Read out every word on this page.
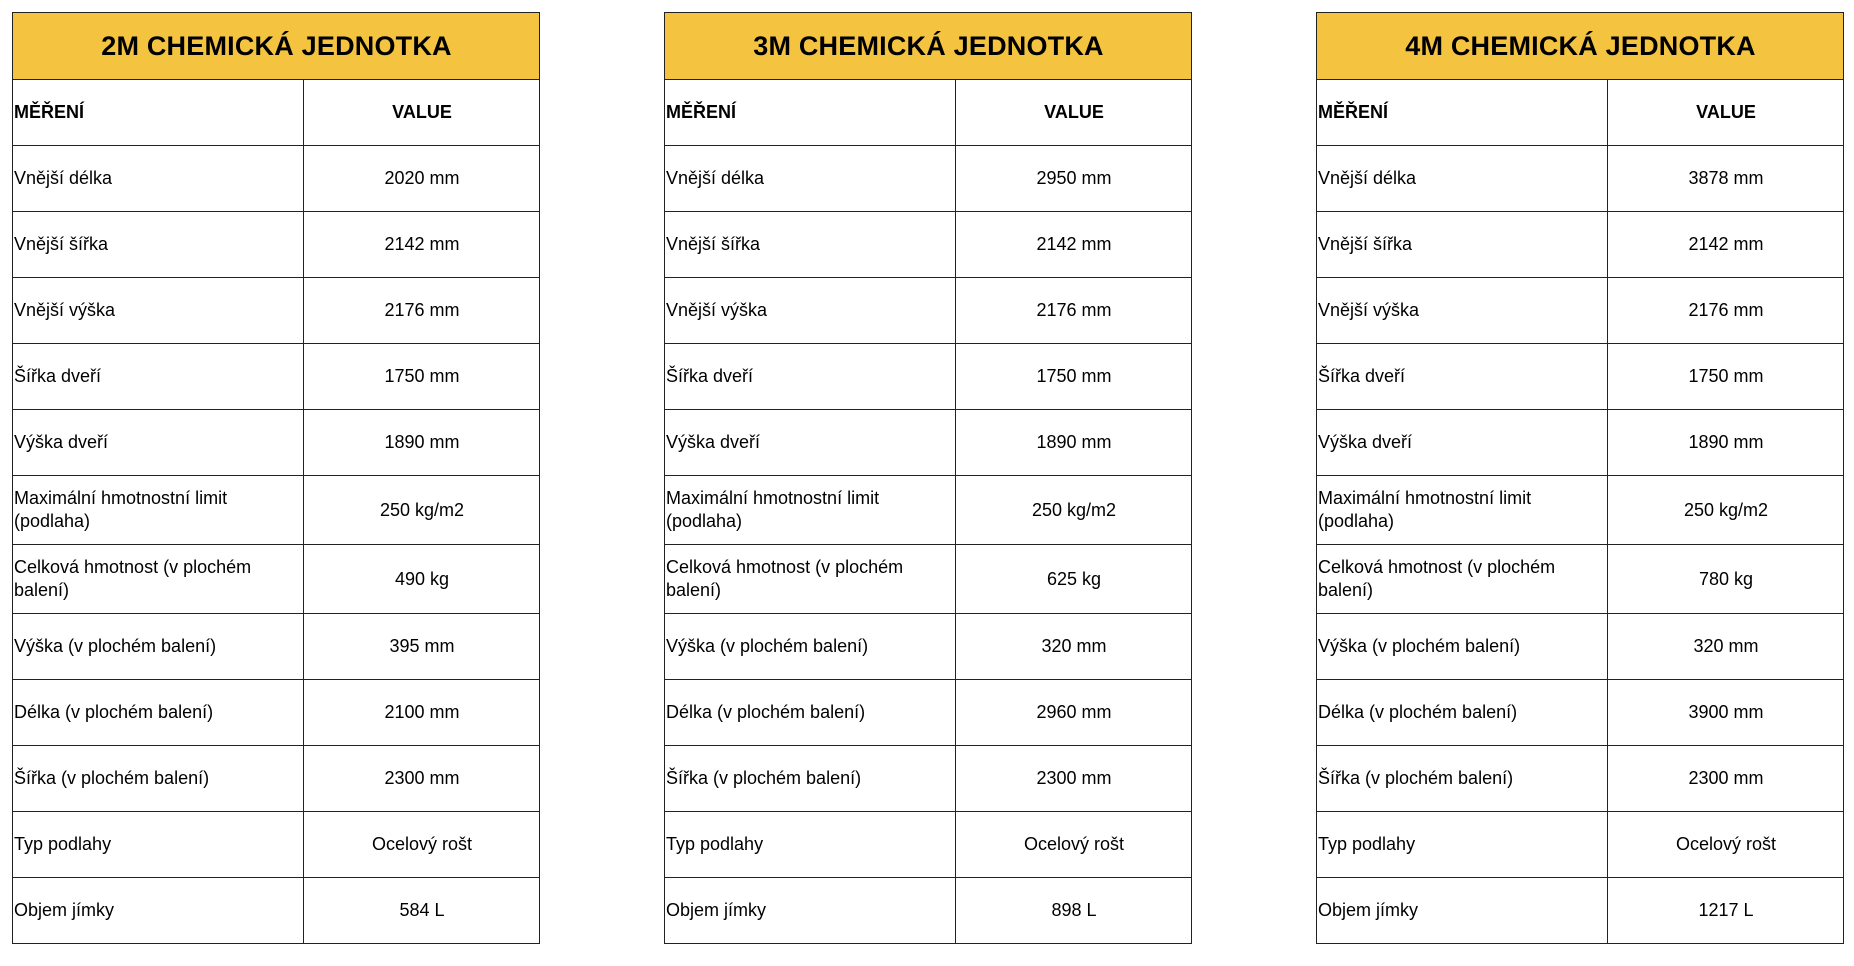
2M CHEMICKÁ JEDNOTKA	
MĚŘENÍ	VALUE
Vnější délka	2020 mm
Vnější šířka	2142 mm
Vnější výška	2176 mm
Šířka dveří	1750 mm
Výška dveří	1890 mm
Maximální hmotnostní limit (podlaha)	250 kg/m2
Celková hmotnost (v plochém balení)	490 kg
Výška (v plochém balení)	395 mm
Délka (v plochém balení)	2100 mm
Šířka (v plochém balení)	2300 mm
Typ podlahy	Ocelový rošt
Objem jímky	584 L
3M CHEMICKÁ JEDNOTKA	
MĚŘENÍ	VALUE
Vnější délka	2950 mm
Vnější šířka	2142 mm
Vnější výška	2176 mm
Šířka dveří	1750 mm
Výška dveří	1890 mm
Maximální hmotnostní limit (podlaha)	250 kg/m2
Celková hmotnost (v plochém balení)	625 kg
Výška (v plochém balení)	320 mm
Délka (v plochém balení)	2960 mm
Šířka (v plochém balení)	2300 mm
Typ podlahy	Ocelový rošt
Objem jímky	898 L
4M CHEMICKÁ JEDNOTKA	
MĚŘENÍ	VALUE
Vnější délka	3878 mm
Vnější šířka	2142 mm
Vnější výška	2176 mm
Šířka dveří	1750 mm
Výška dveří	1890 mm
Maximální hmotnostní limit (podlaha)	250 kg/m2
Celková hmotnost (v plochém balení)	780 kg
Výška (v plochém balení)	320 mm
Délka (v plochém balení)	3900 mm
Šířka (v plochém balení)	2300 mm
Typ podlahy	Ocelový rošt
Objem jímky	1217 L
